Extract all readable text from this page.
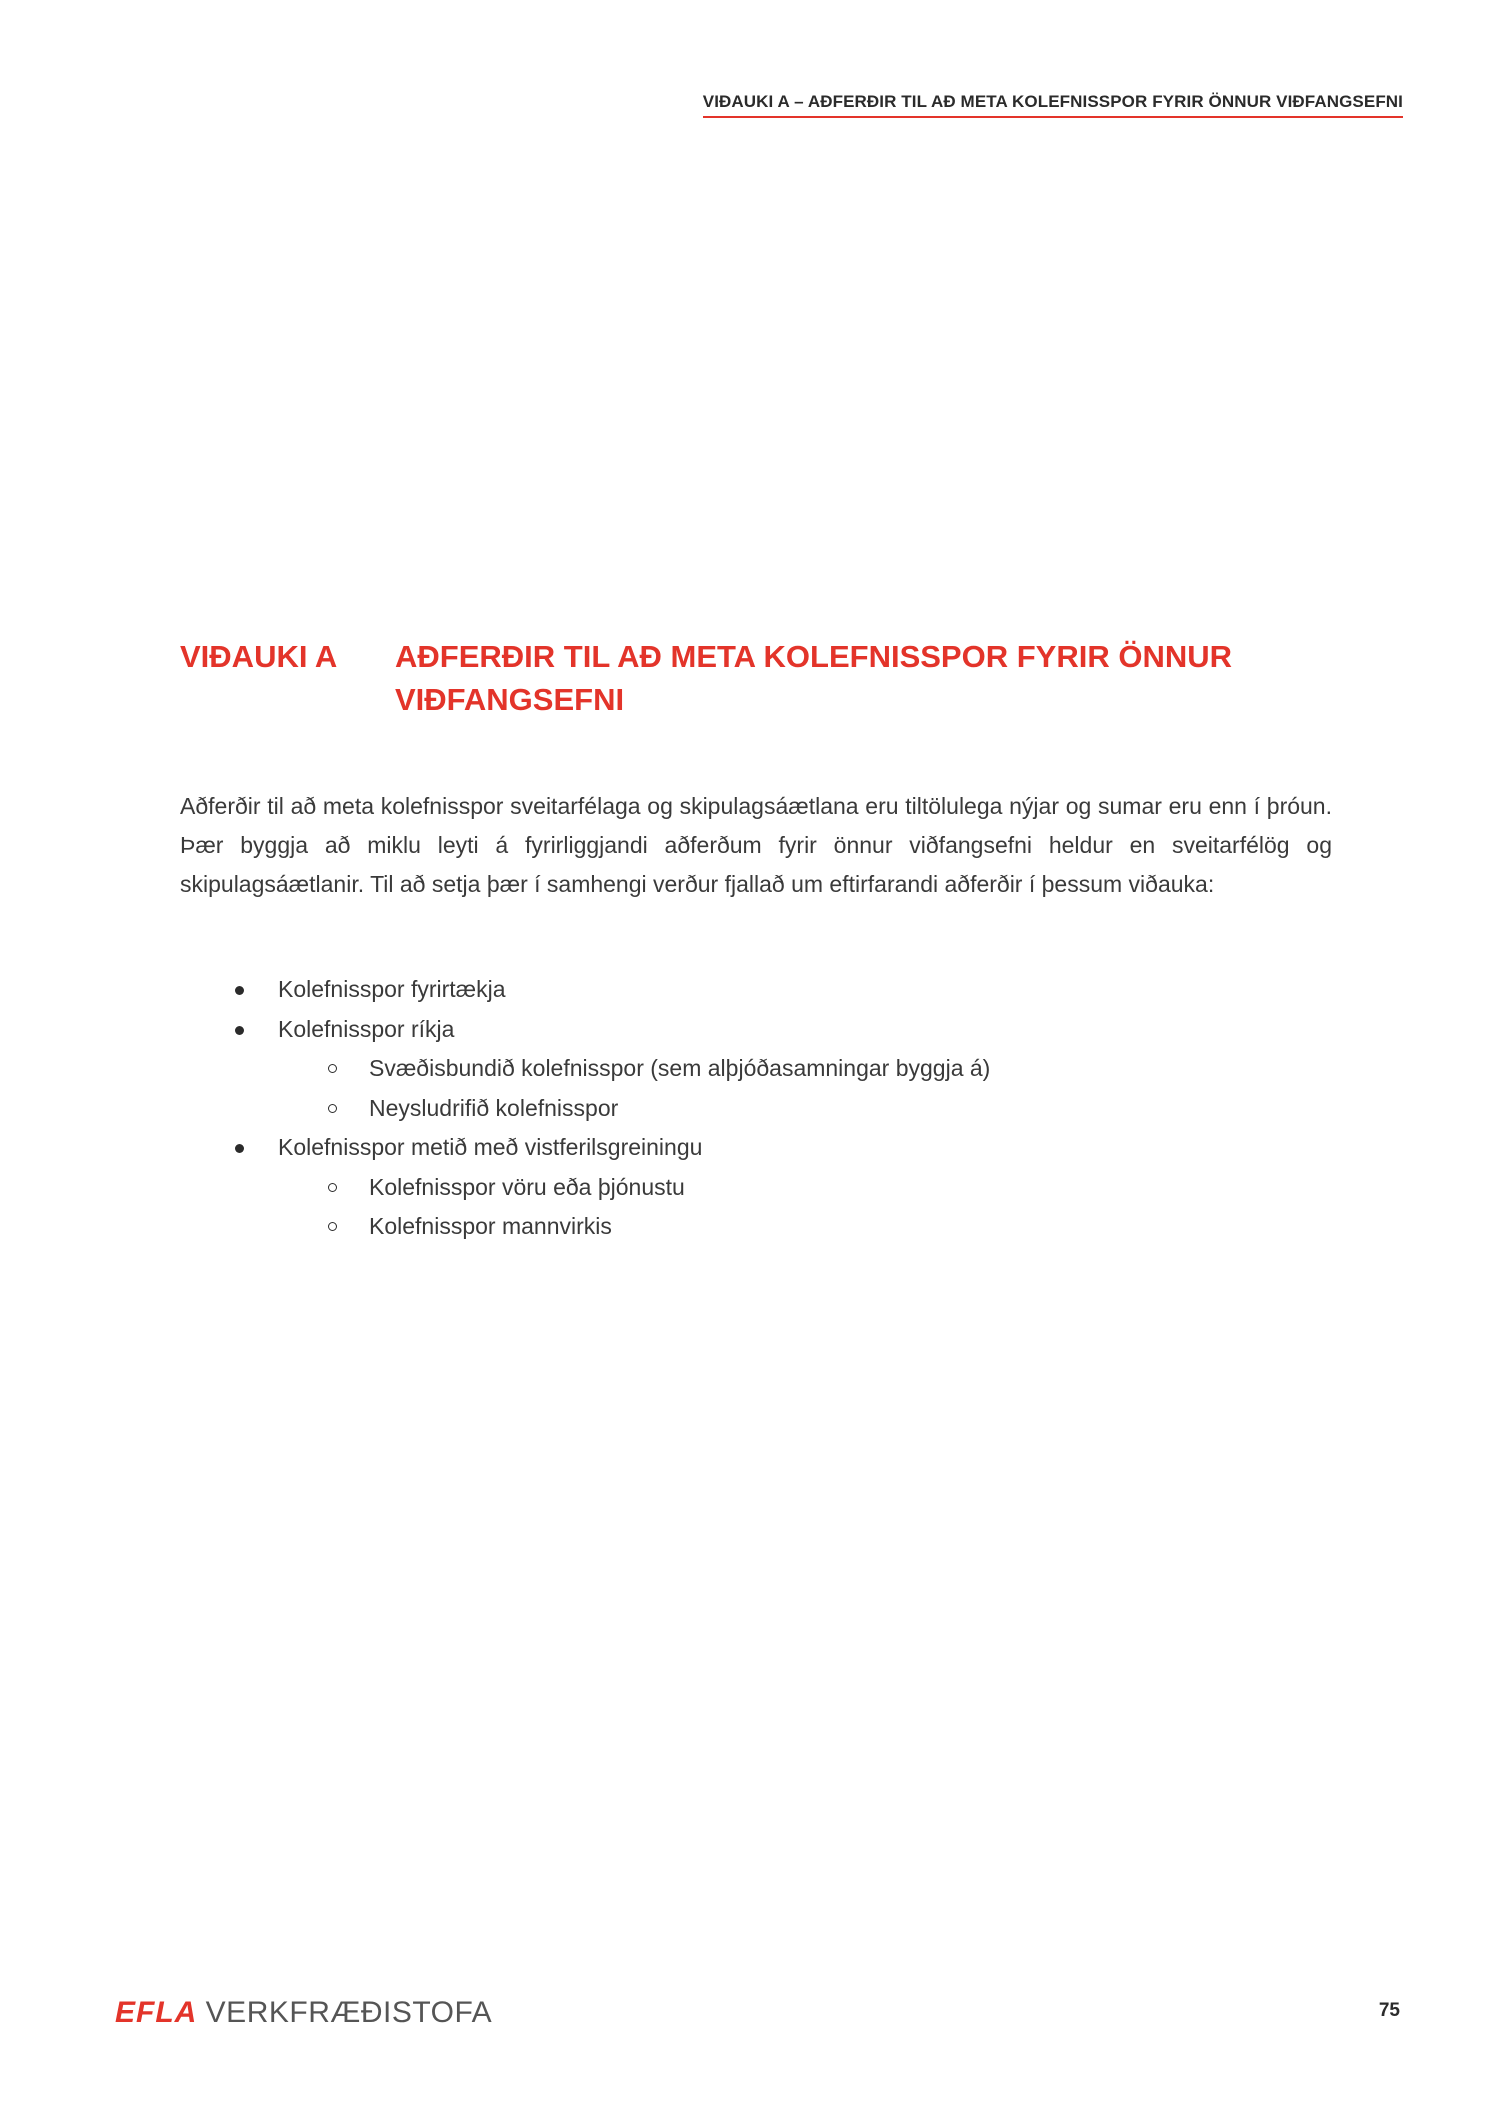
VIÐAUKI A – AÐFERÐIR TIL AÐ META KOLEFNISSPOR FYRIR ÖNNUR VIÐFANGSEFNI
VIÐAUKI A	AÐFERÐIR TIL AÐ META KOLEFNISSPOR FYRIR ÖNNUR VIÐFANGSEFNI

Aðferðir til að meta kolefnisspor sveitarfélaga og skipulagsáætlana eru tiltölulega nýjar og sumar eru enn í þróun. Þær byggja að miklu leyti á fyrirliggjandi aðferðum fyrir önnur viðfangsefni heldur en sveitarfélög og skipulagsáætlanir. Til að setja þær í samhengi verður fjallað um eftirfarandi aðferðir í þessum viðauka:

Kolefnisspor fyrirtækja
Kolefnisspor ríkja
Svæðisbundið kolefnisspor (sem alþjóðasamningar byggja á)
Neysludrifið kolefnisspor
Kolefnisspor metið með vistferilsgreiningu
Kolefnisspor vöru eða þjónustu
Kolefnisspor mannvirkis
EFLA VERKFRÆÐISTOFA	75
